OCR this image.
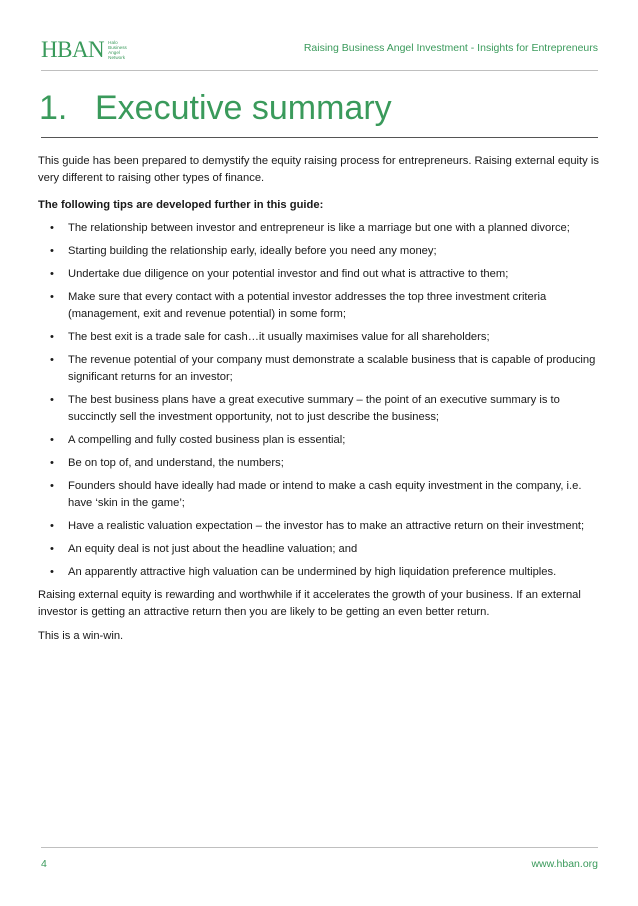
HBAN Halo
Business
Angel
Network
Raising Business Angel Investment - Insights for Entrepreneurs
1. Executive summary

This guide has been prepared to demystify the equity raising process for entrepreneurs. Raising external equity is very different to raising other types of finance.

The following tips are developed further in this guide:

• The relationship between investor and entrepreneur is like a marriage but one with a planned divorce;
• Starting building the relationship early, ideally before you need any money;
• Undertake due diligence on your potential investor and find out what is attractive to them;
• Make sure that every contact with a potential investor addresses the top three investment criteria (management, exit and revenue potential) in some form;
• The best exit is a trade sale for cash…it usually maximises value for all shareholders;
• The revenue potential of your company must demonstrate a scalable business that is capable of producing significant returns for an investor;
• The best business plans have a great executive summary – the point of an executive summary is to succinctly sell the investment opportunity, not to just describe the business;
• A compelling and fully costed business plan is essential;
• Be on top of, and understand, the numbers;
• Founders should have ideally had made or intend to make a cash equity investment in the company, i.e. have ‘skin in the game’;
• Have a realistic valuation expectation – the investor has to make an attractive return on their investment;
• An equity deal is not just about the headline valuation; and
• An apparently attractive high valuation can be undermined by high liquidation preference multiples.

Raising external equity is rewarding and worthwhile if it accelerates the growth of your business. If an external investor is getting an attractive return then you are likely to be getting an even better return.

This is a win-win.

4	www.hban.org
